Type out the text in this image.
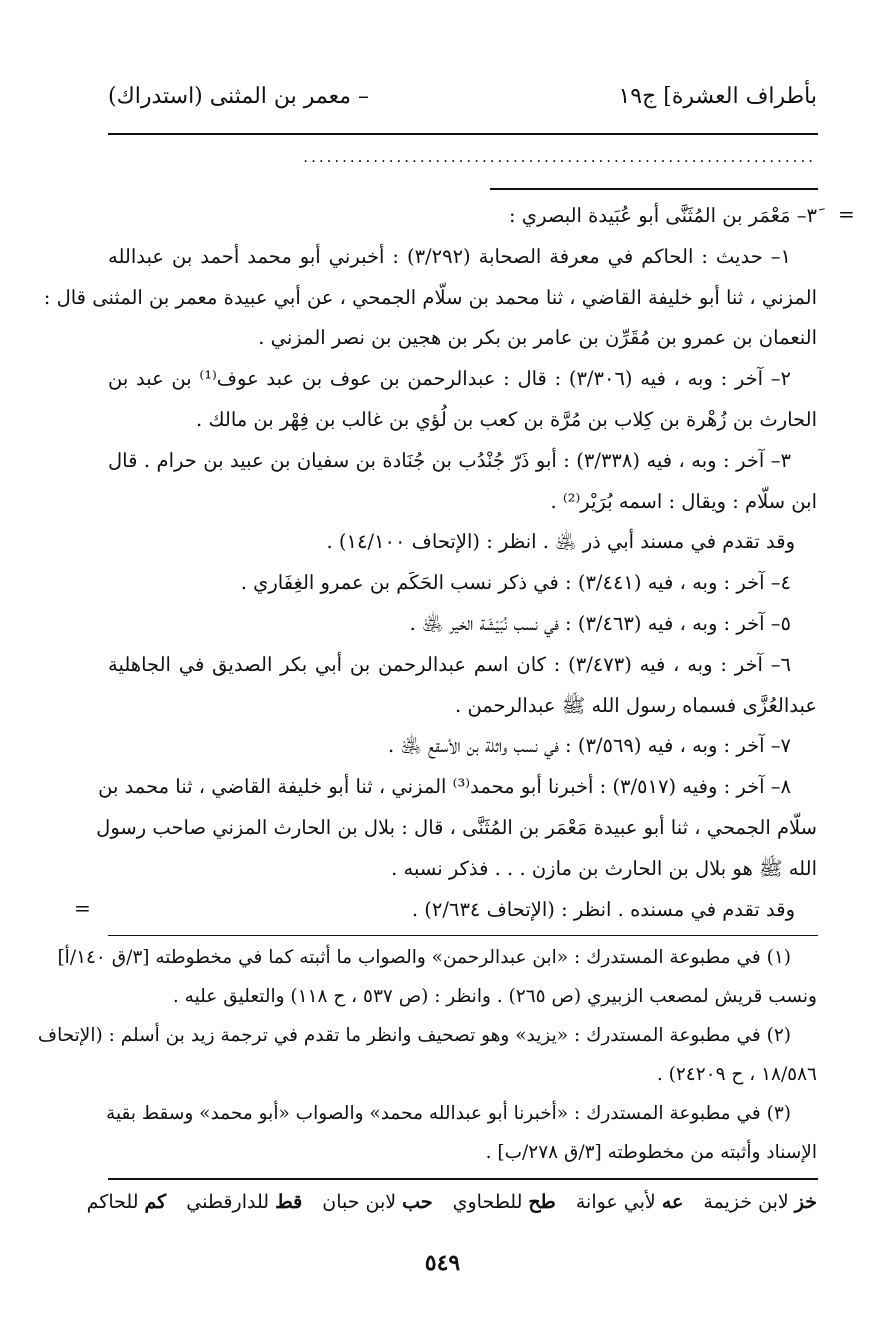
بأطراف العشرة] ج١٩
– معمر بن المثنى (استدراك)
..................................................................
=
=
٣َ– مَعْمَر بن المُثَنَّى أبو عُبَيدة البصري :
١– حديث : الحاكم في معرفة الصحابة (٣/٢٩٢) : أخبرني أبو محمد أحمد بن عبدالله
المزني ، ثنا أبو خليفة القاضي ، ثنا محمد بن سلّام الجمحي ، عن أبي عبيدة معمر بن المثنى قال :
النعمان بن عمرو بن مُقَرِّن بن عامر بن بكر بن هجين بن نصر المزني .
٢– آخر : وبه ، فيه (٣/٣٠٦) : قال : عبدالرحمن بن عوف بن عبد عوف⁽¹⁾ بن عبد بن
الحارث بن زُهْرة بن كِلاب بن مُرَّة بن كعب بن لُؤي بن غالب بن فِهْر بن مالك .
٣– آخر : وبه ، فيه (٣/٣٣٨) : أبو ذَرّ جُنْدُب بن جُنَادة بن سفيان بن عبيد بن حرام . قال
ابن سلّام : ويقال : اسمه بُرَيْر⁽²⁾ .
وقد تقدم في مسند أبي ذر ﵁ . انظر : (الإتحاف ١٤/١٠٠) .
٤– آخر : وبه ، فيه (٣/٤٤١) : في ذكر نسب الحَكَم بن عمرو الغِفَاري .
٥– آخر : وبه ، فيه (٣/٤٦٣) : في نسب نُبَيْشَة الخير ﵁ .
٦– آخر : وبه ، فيه (٣/٤٧٣) : كان اسم عبدالرحمن بن أبي بكر الصديق في الجاهلية
عبدالعُزَّى فسماه رسول الله ﷺ عبدالرحمن .
٧– آخر : وبه ، فيه (٣/٥٦٩) : في نسب واثلة بن الأسقع ﵁ .
٨– آخر : وفيه (٣/٥١٧) : أخبرنا أبو محمد⁽³⁾ المزني ، ثنا أبو خليفة القاضي ، ثنا محمد بن
سلّام الجمحي ، ثنا أبو عبيدة مَعْمَر بن المُثَنَّى ، قال : بلال بن الحارث المزني صاحب رسول
الله ﷺ هو بلال بن الحارث بن مازن . . . فذكر نسبه .
وقد تقدم في مسنده . انظر : (الإتحاف ٢/٦٣٤) .
(١) في مطبوعة المستدرك : «ابن عبدالرحمن» والصواب ما أثبته كما في مخطوطته [٣/ق ١٤٠/أ]
ونسب قريش لمصعب الزبيري (ص ٢٦٥) . وانظر : (ص ٥٣٧ ، ح ١١٨) والتعليق عليه .
(٢) في مطبوعة المستدرك : «يزيد» وهو تصحيف وانظر ما تقدم في ترجمة زيد بن أسلم : (الإتحاف
١٨/٥٨٦ ، ح ٢٤٢٠٩) .
(٣) في مطبوعة المستدرك : «أخبرنا أبو عبدالله محمد» والصواب «أبو محمد» وسقط بقية
الإسناد وأثبته من مخطوطته [٣/ق ٢٧٨/ب] .
خز لابن خزيمة عه لأبي عوانة طح للطحاوي حب لابن حبان قط للدارقطني كم للحاكم
٥٤٩
